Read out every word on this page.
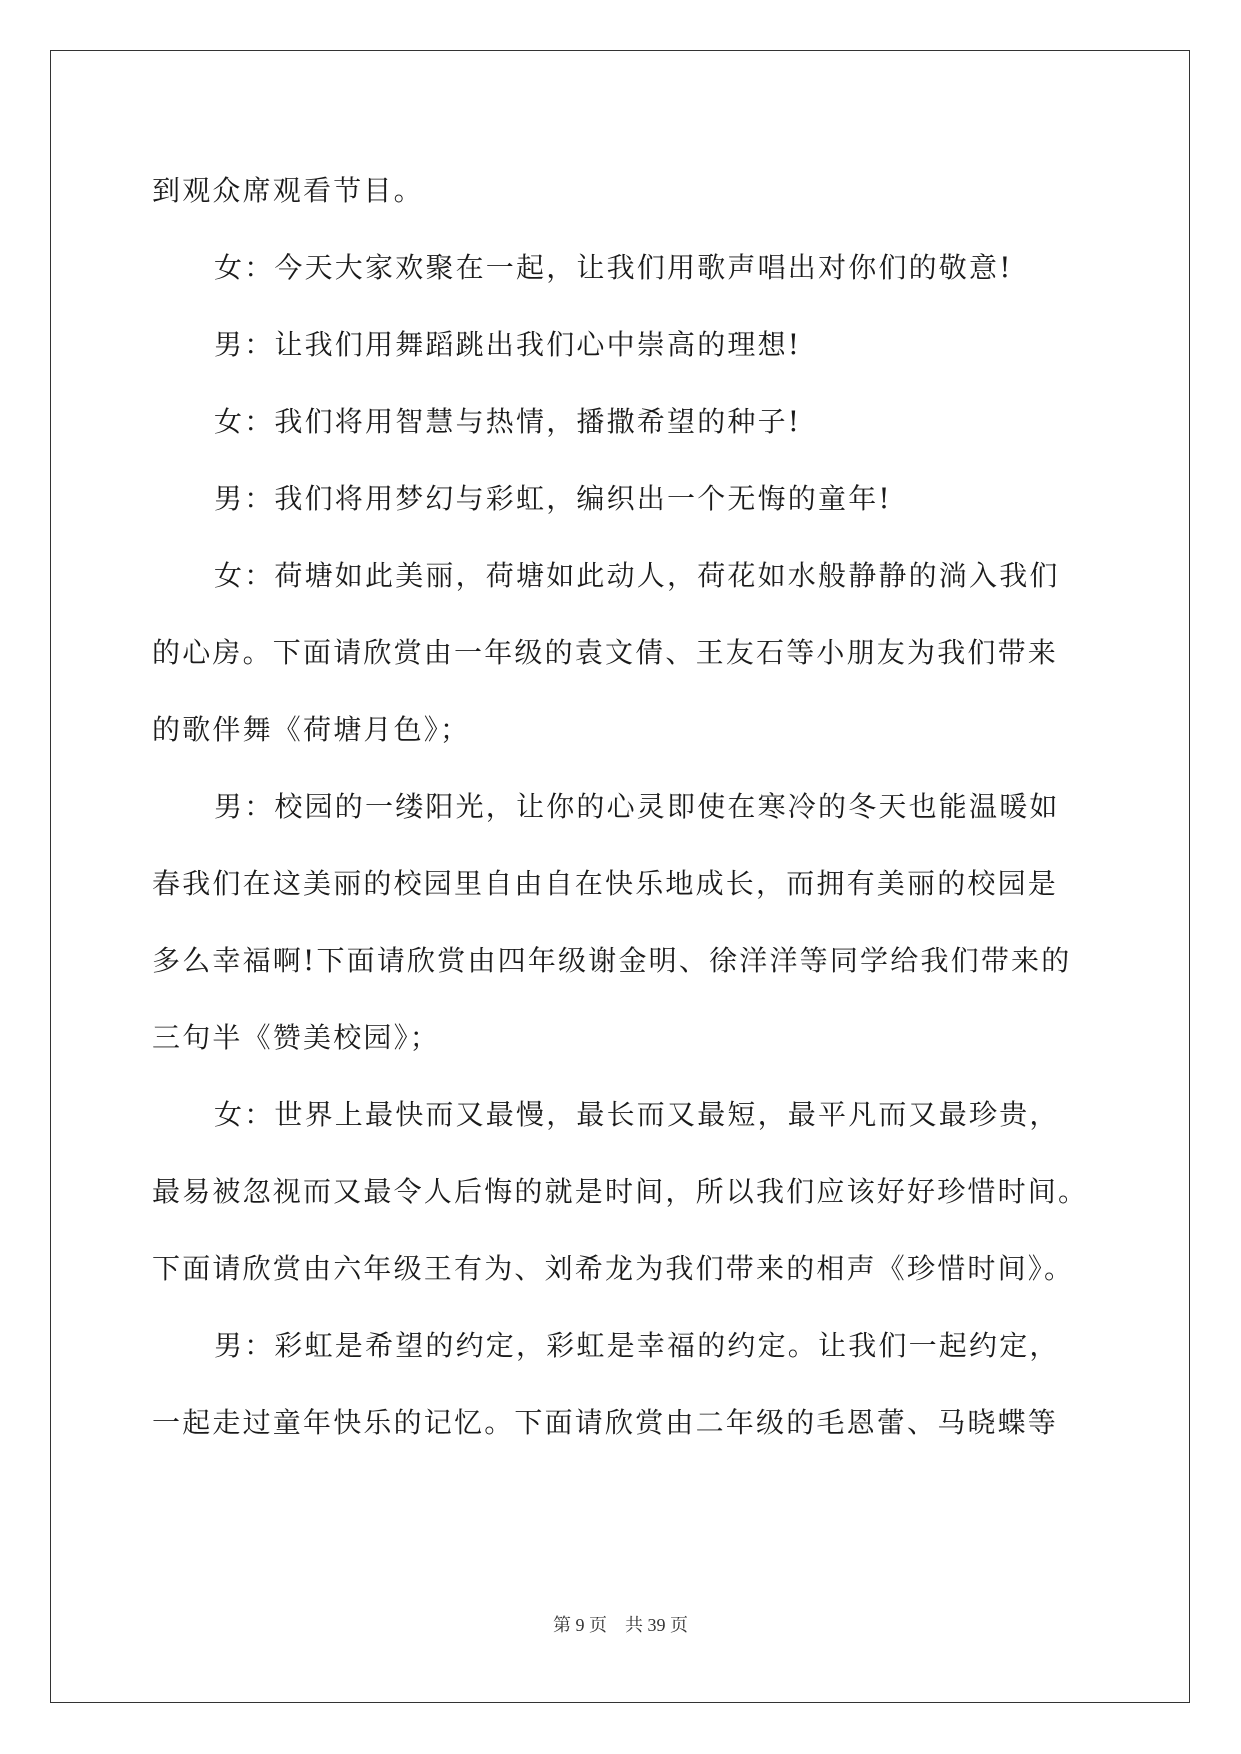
到观众席观看节目。
女：今天大家欢聚在一起，让我们用歌声唱出对你们的敬意!
男：让我们用舞蹈跳出我们心中崇高的理想!
女：我们将用智慧与热情，播撒希望的种子!
男：我们将用梦幻与彩虹，编织出一个无悔的童年!
女：荷塘如此美丽，荷塘如此动人，荷花如水般静静的淌入我们
的心房。下面请欣赏由一年级的袁文倩、王友石等小朋友为我们带来
的歌伴舞《荷塘月色》；
男：校园的一缕阳光，让你的心灵即使在寒冷的冬天也能温暖如
春我们在这美丽的校园里自由自在快乐地成长，而拥有美丽的校园是
多么幸福啊!下面请欣赏由四年级谢金明、徐洋洋等同学给我们带来的
三句半《赞美校园》；
女：世界上最快而又最慢，最长而又最短，最平凡而又最珍贵，
最易被忽视而又最令人后悔的就是时间，所以我们应该好好珍惜时间。
下面请欣赏由六年级王有为、刘希龙为我们带来的相声《珍惜时间》。
男：彩虹是希望的约定，彩虹是幸福的约定。让我们一起约定，
一起走过童年快乐的记忆。下面请欣赏由二年级的毛恩蕾、马晓蝶等
第 9 页　共 39 页
